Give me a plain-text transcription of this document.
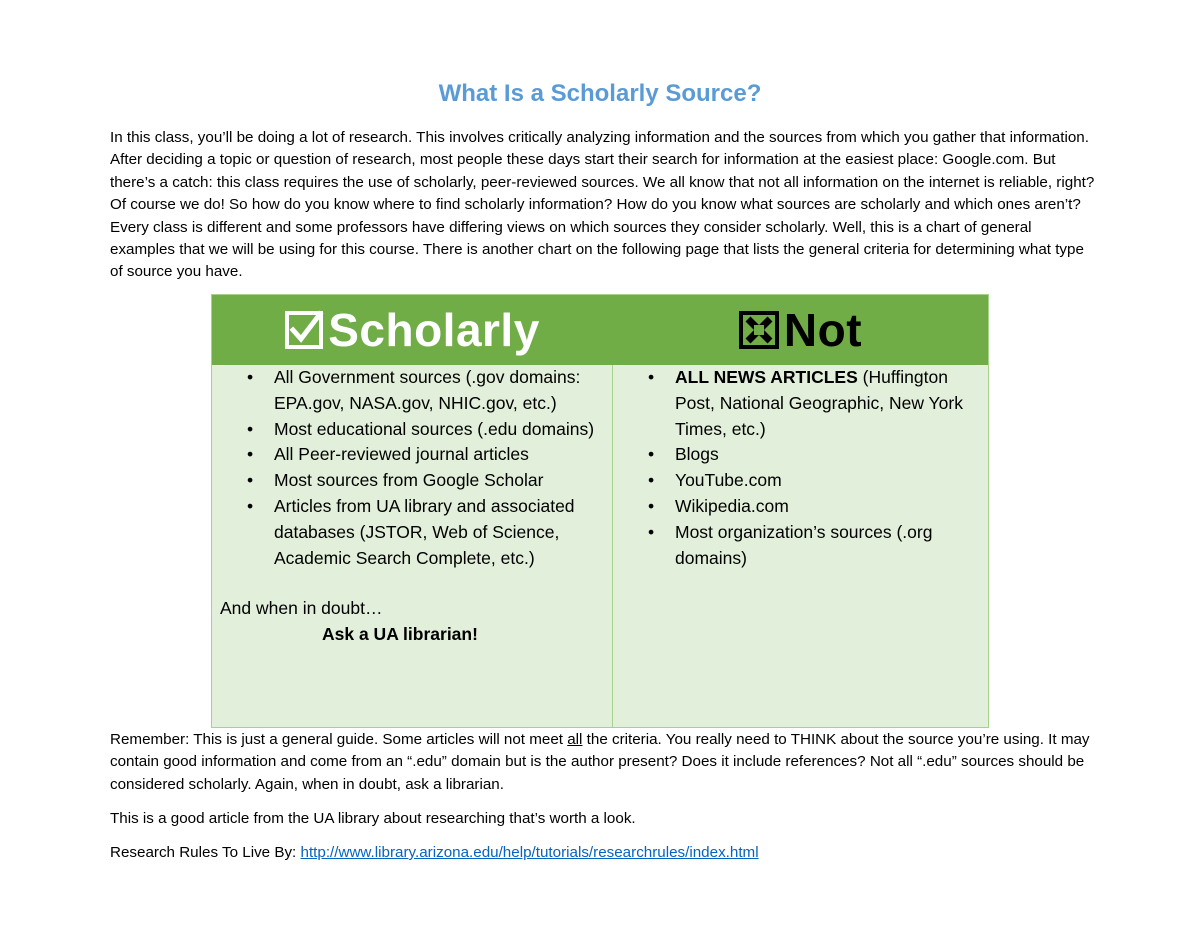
What Is a Scholarly Source?
In this class, you’ll be doing a lot of research. This involves critically analyzing information and the sources from which you gather that information. After deciding a topic or question of research, most people these days start their search for information at the easiest place: Google.com. But there’s a catch: this class requires the use of scholarly, peer-reviewed sources. We all know that not all information on the internet is reliable, right? Of course we do! So how do you know where to find scholarly information? How do you know what sources are scholarly and which ones aren’t? Every class is different and some professors have differing views on which sources they consider scholarly. Well, this is a chart of general examples that we will be using for this course. There is another chart on the following page that lists the general criteria for determining what type of source you have.
Scholarly	Not
• All Government sources (.gov domains: EPA.gov, NASA.gov, NHIC.gov, etc.)
• Most educational sources (.edu domains)
• All Peer-reviewed journal articles
• Most sources from Google Scholar
• Articles from UA library and associated databases (JSTOR, Web of Science, Academic Search Complete, etc.)
And when in doubt…
Ask a UA librarian!
• ALL NEWS ARTICLES (Huffington Post, National Geographic, New York Times, etc.)
• Blogs
• YouTube.com
• Wikipedia.com
• Most organization’s sources (.org domains)
Remember: This is just a general guide. Some articles will not meet all the criteria. You really need to THINK about the source you’re using. It may contain good information and come from an “.edu” domain but is the author present? Does it include references? Not all “.edu” sources should be considered scholarly. Again, when in doubt, ask a librarian.
This is a good article from the UA library about researching that’s worth a look.
Research Rules To Live By: http://www.library.arizona.edu/help/tutorials/researchrules/index.html
